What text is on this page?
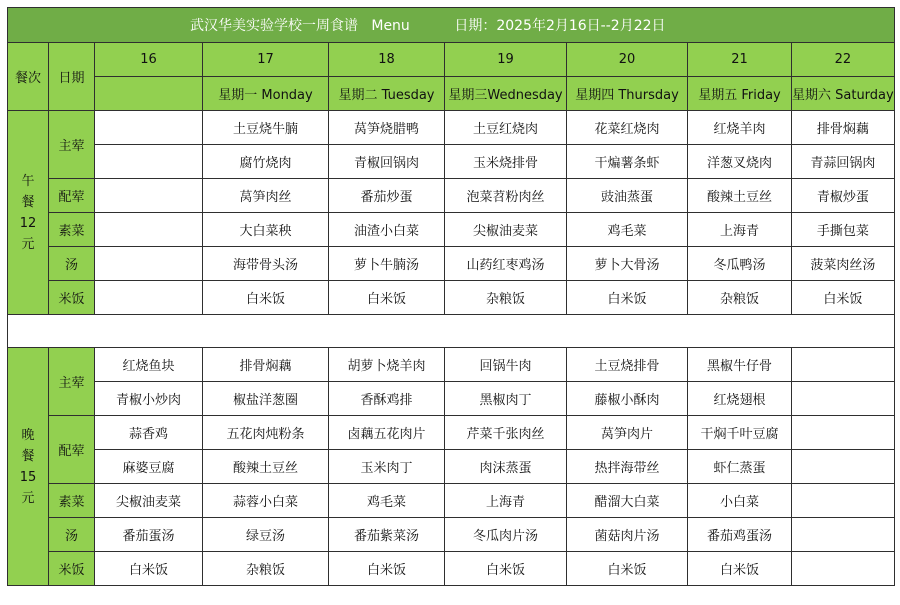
武汉华美实验学校一周食谱 Menu 日期：2025年2月16日--2月22日								
餐次	日期	16	17	18	19	20	21	22
			星期一 Monday	星期二 Tuesday	星期三Wednesday	星期四 Thursday	星期五 Friday	星期六 Saturday

午
餐
12
元	主荤		土豆烧牛腩	莴笋烧腊鸭	土豆红烧肉	花菜红烧肉	红烧羊肉	排骨焖藕
			腐竹烧肉	青椒回锅肉	玉米烧排骨	干煸薯条虾	洋葱叉烧肉	青蒜回锅肉
	配荤		莴笋肉丝	番茄炒蛋	泡菜苕粉肉丝	豉油蒸蛋	酸辣土豆丝	青椒炒蛋
	素菜		大白菜秧	油渣小白菜	尖椒油麦菜	鸡毛菜	上海青	手撕包菜
	汤		海带骨头汤	萝卜牛腩汤	山药红枣鸡汤	萝卜大骨汤	冬瓜鸭汤	菠菜肉丝汤
	米饭		白米饭	白米饭	杂粮饭	白米饭	杂粮饭	白米饭

晚
餐
15
元	主荤	红烧鱼块	排骨焖藕	胡萝卜烧羊肉	回锅牛肉	土豆烧排骨	黑椒牛仔骨	
		青椒小炒肉	椒盐洋葱圈	香酥鸡排	黑椒肉丁	藤椒小酥肉	红烧翅根	
	配荤	蒜香鸡	五花肉炖粉条	卤藕五花肉片	芹菜千张肉丝	莴笋肉片	干焖千叶豆腐	
		麻婆豆腐	酸辣土豆丝	玉米肉丁	肉沫蒸蛋	热拌海带丝	虾仁蒸蛋	
	素菜	尖椒油麦菜	蒜蓉小白菜	鸡毛菜	上海青	醋溜大白菜	小白菜	
	汤	番茄蛋汤	绿豆汤	番茄紫菜汤	冬瓜肉片汤	菌菇肉片汤	番茄鸡蛋汤	
	米饭	白米饭	杂粮饭	白米饭	白米饭	白米饭	白米饭	
